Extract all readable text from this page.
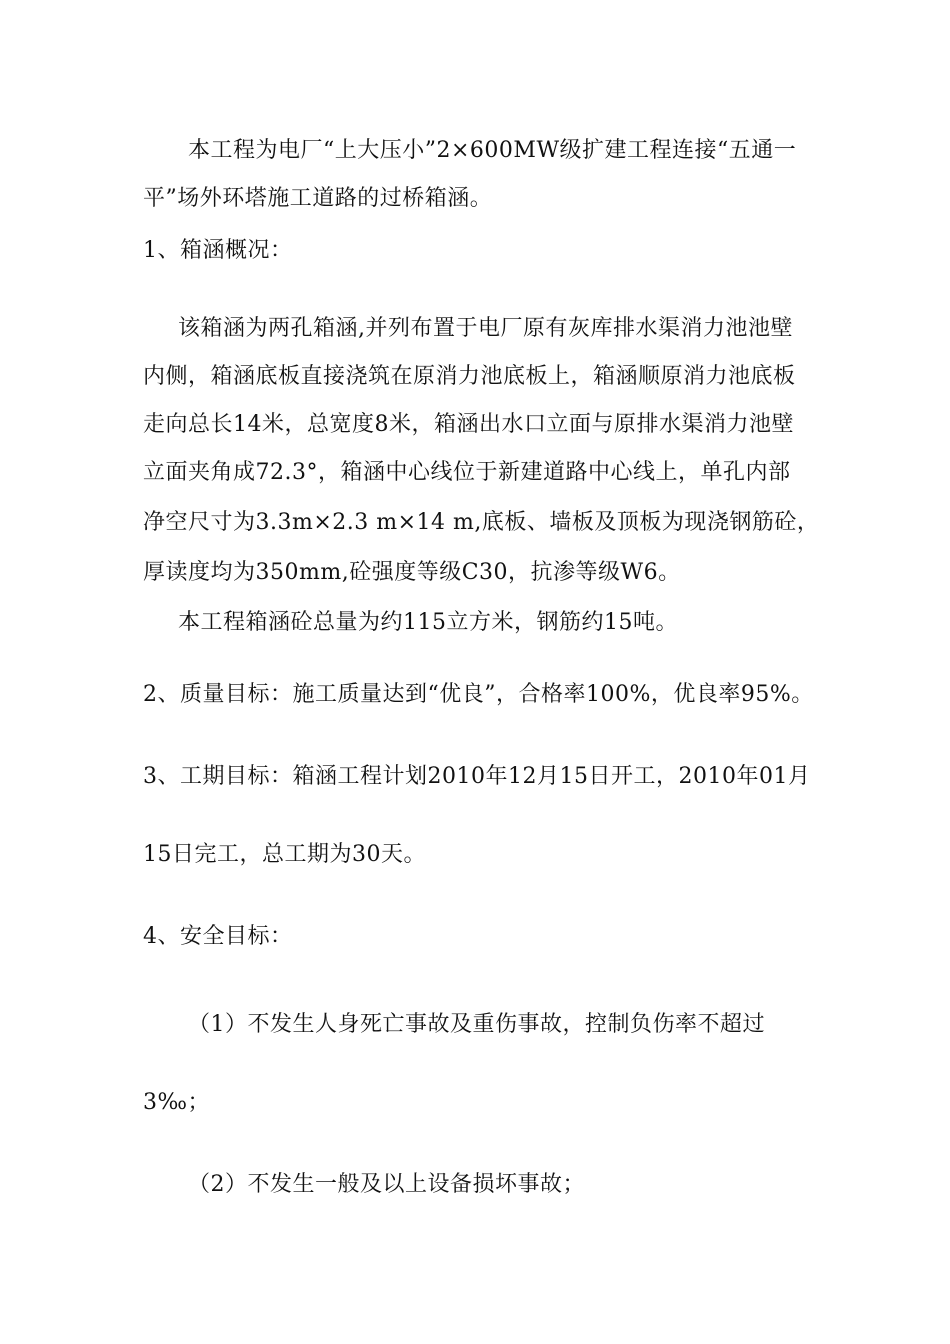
本工程为电厂“上大压小”2×600MW级扩建工程连接“五通一
平”场外环塔施工道路的过桥箱涵。
1、箱涵概况：
该箱涵为两孔箱涵,并列布置于电厂原有灰库排水渠消力池池壁
内侧，箱涵底板直接浇筑在原消力池底板上，箱涵顺原消力池底板
走向总长14米，总宽度8米，箱涵出水口立面与原排水渠消力池壁
立面夹角成72.3°，箱涵中心线位于新建道路中心线上，单孔内部
净空尺寸为3.3m×2.3 m×14 m,底板、墙板及顶板为现浇钢筋砼，
厚读度均为350mm,砼强度等级C30，抗渗等级W6。
本工程箱涵砼总量为约115立方米，钢筋约15吨。
2、质量目标：施工质量达到“优良”，合格率100%，优良率95%。
3、工期目标：箱涵工程计划2010年12月15日开工，2010年01月
15日完工，总工期为30天。
4、安全目标：
（1）不发生人身死亡事故及重伤事故，控制负伤率不超过
3‰；
（2）不发生一般及以上设备损坏事故；
